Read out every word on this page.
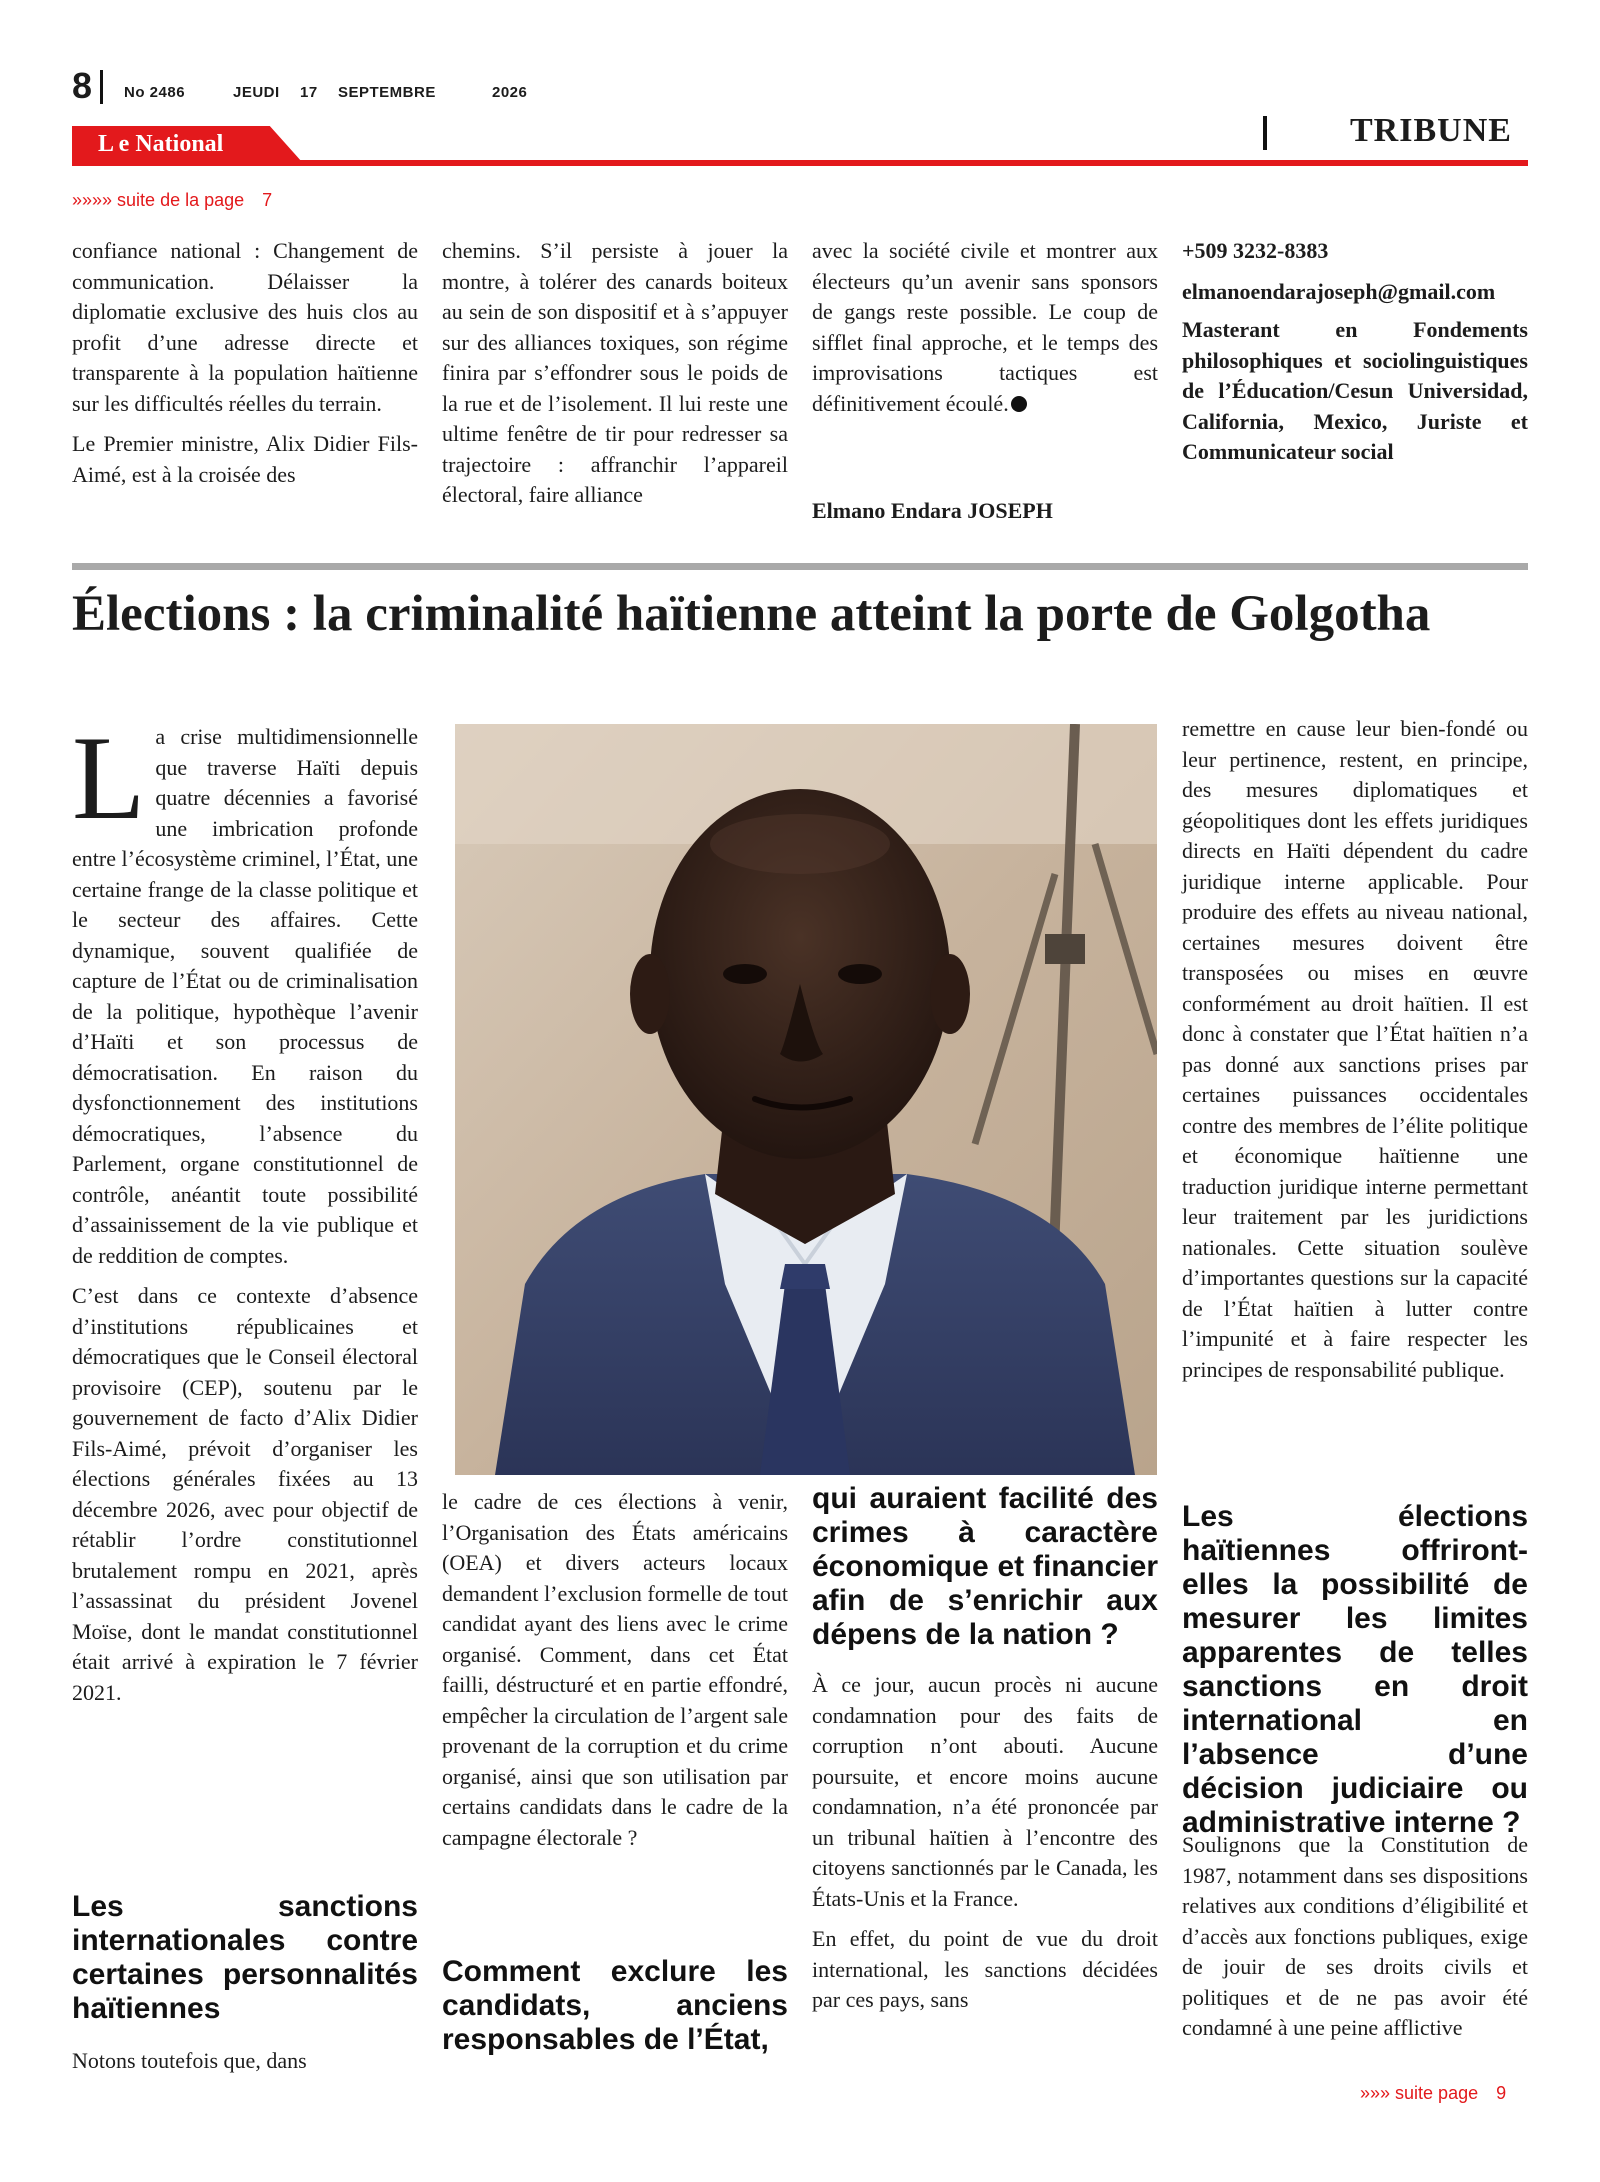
8 No 2486	JEUDI 17 SEPTEMBRE	2026
L e National	TRIBUNE
»»»» suite de la page 7

confiance national : Changement de communication. Délaisser la diplomatie exclusive des huis clos au profit d’une adresse directe et transparente à la population haïtienne sur les difficultés réelles du terrain.

Le Premier ministre, Alix Didier Fils-Aimé, est à la croisée des

chemins. S’il persiste à jouer la montre, à tolérer des canards boiteux au sein de son dispositif et à s’appuyer sur des alliances toxiques, son régime finira par s’effondrer sous le poids de la rue et de l’isolement. Il lui reste une ultime fenêtre de tir pour redresser sa trajectoire : affranchir l’appareil électoral, faire alliance

avec la société civile et montrer aux électeurs qu’un avenir sans sponsors de gangs reste possible. Le coup de sifflet final approche, et le temps des improvisations tactiques est définitivement écoulé.

Elmano Endara JOSEPH
+509 3232-8383
elmanoendarajoseph@gmail.com
Masterant en Fondements philosophiques et sociolinguistiques de l’Éducation/Cesun Universidad, California, Mexico, Juriste et Communicateur social
Élections : la criminalité haïtienne atteint la porte de Golgotha

La crise multidimensionnelle que traverse Haïti depuis quatre décennies a favorisé une imbrication profonde entre l’écosystème criminel, l’État, une certaine frange de la classe politique et le secteur des affaires. Cette dynamique, souvent qualifiée de capture de l’État ou de criminalisation de la politique, hypothèque l’avenir d’Haïti et son processus de démocratisation. En raison du dysfonctionnement des institutions démocratiques, l’absence du Parlement, organe constitutionnel de contrôle, anéantit toute possibilité d’assainissement de la vie publique et de reddition de comptes.

C’est dans ce contexte d’absence d’institutions républicaines et démocratiques que le Conseil électoral provisoire (CEP), soutenu par le gouvernement de facto d’Alix Didier Fils-Aimé, prévoit d’organiser les élections générales fixées au 13 décembre 2026, avec pour objectif de rétablir l’ordre constitutionnel brutalement rompu en 2021, après l’assassinat du président Jovenel Moïse, dont le mandat constitutionnel était arrivé à expiration le 7 février 2021.

Les sanctions internationales contre certaines personnalités haïtiennes

Notons toutefois que, dans

le cadre de ces élections à venir, l’Organisation des États américains (OEA) et divers acteurs locaux demandent l’exclusion formelle de tout candidat ayant des liens avec le crime organisé. Comment, dans cet État failli, déstructuré et en partie effondré, empêcher la circulation de l’argent sale provenant de la corruption et du crime organisé, ainsi que son utilisation par certains candidats dans le cadre de la campagne électorale ?

Comment exclure les candidats, anciens responsables de l’État,
qui auraient facilité des crimes à caractère économique et financier afin de s’enrichir aux dépens de la nation ?

À ce jour, aucun procès ni aucune condamnation pour des faits de corruption n’ont abouti. Aucune poursuite, et encore moins aucune condamnation, n’a été prononcée par un tribunal haïtien à l’encontre des citoyens sanctionnés par le Canada, les États-Unis et la France.

En effet, du point de vue du droit international, les sanctions décidées par ces pays, sans

remettre en cause leur bien-fondé ou leur pertinence, restent, en principe, des mesures diplomatiques et géopolitiques dont les effets juridiques directs en Haïti dépendent du cadre juridique interne applicable. Pour produire des effets au niveau national, certaines mesures doivent être transposées ou mises en œuvre conformément au droit haïtien. Il est donc à constater que l’État haïtien n’a pas donné aux sanctions prises par certaines puissances occidentales contre des membres de l’élite politique et économique haïtienne une traduction juridique interne permettant leur traitement par les juridictions nationales. Cette situation soulève d’importantes questions sur la capacité de l’État haïtien à lutter contre l’impunité et à faire respecter les principes de responsabilité publique.

Les élections haïtiennes offriront-elles la possibilité de mesurer les limites apparentes de telles sanctions en droit international en l’absence d’une décision judiciaire ou administrative interne ?

Soulignons que la Constitution de 1987, notamment dans ses dispositions relatives aux conditions d’éligibilité et d’accès aux fonctions publiques, exige de jouir de ses droits civils et politiques et de ne pas avoir été condamné à une peine afflictive

»»» suite page 9
